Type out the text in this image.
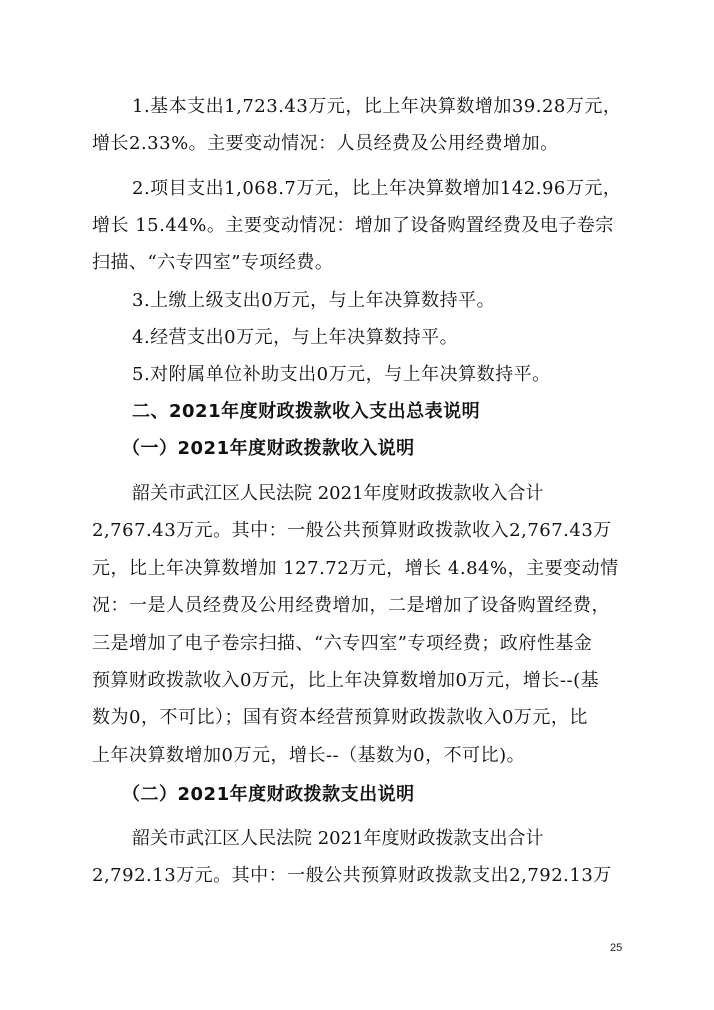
1.基本支出1,723.43万元，比上年决算数增加39.28万元，
增长2.33%。主要变动情况：人员经费及公用经费增加。
2.项目支出1,068.7万元，比上年决算数增加142.96万元，
增长 15.44%。主要变动情况：增加了设备购置经费及电子卷宗
扫描、“六专四室”专项经费。
3.上缴上级支出0万元，与上年决算数持平。
4.经营支出0万元，与上年决算数持平。
5.对附属单位补助支出0万元，与上年决算数持平。
二、2021年度财政拨款收入支出总表说明
（一）2021年度财政拨款收入说明
韶关市武江区人民法院 2021年度财政拨款收入合计
2,767.43万元。其中：一般公共预算财政拨款收入2,767.43万
元，比上年决算数增加 127.72万元，增长 4.84%，主要变动情
况：一是人员经费及公用经费增加，二是增加了设备购置经费，
三是增加了电子卷宗扫描、“六专四室”专项经费；政府性基金
预算财政拨款收入0万元，比上年决算数增加0万元，增长--(基
数为0，不可比）；国有资本经营预算财政拨款收入0万元，比
上年决算数增加0万元，增长--（基数为0，不可比)。
（二）2021年度财政拨款支出说明
韶关市武江区人民法院 2021年度财政拨款支出合计
2,792.13万元。其中：一般公共预算财政拨款支出2,792.13万
25
